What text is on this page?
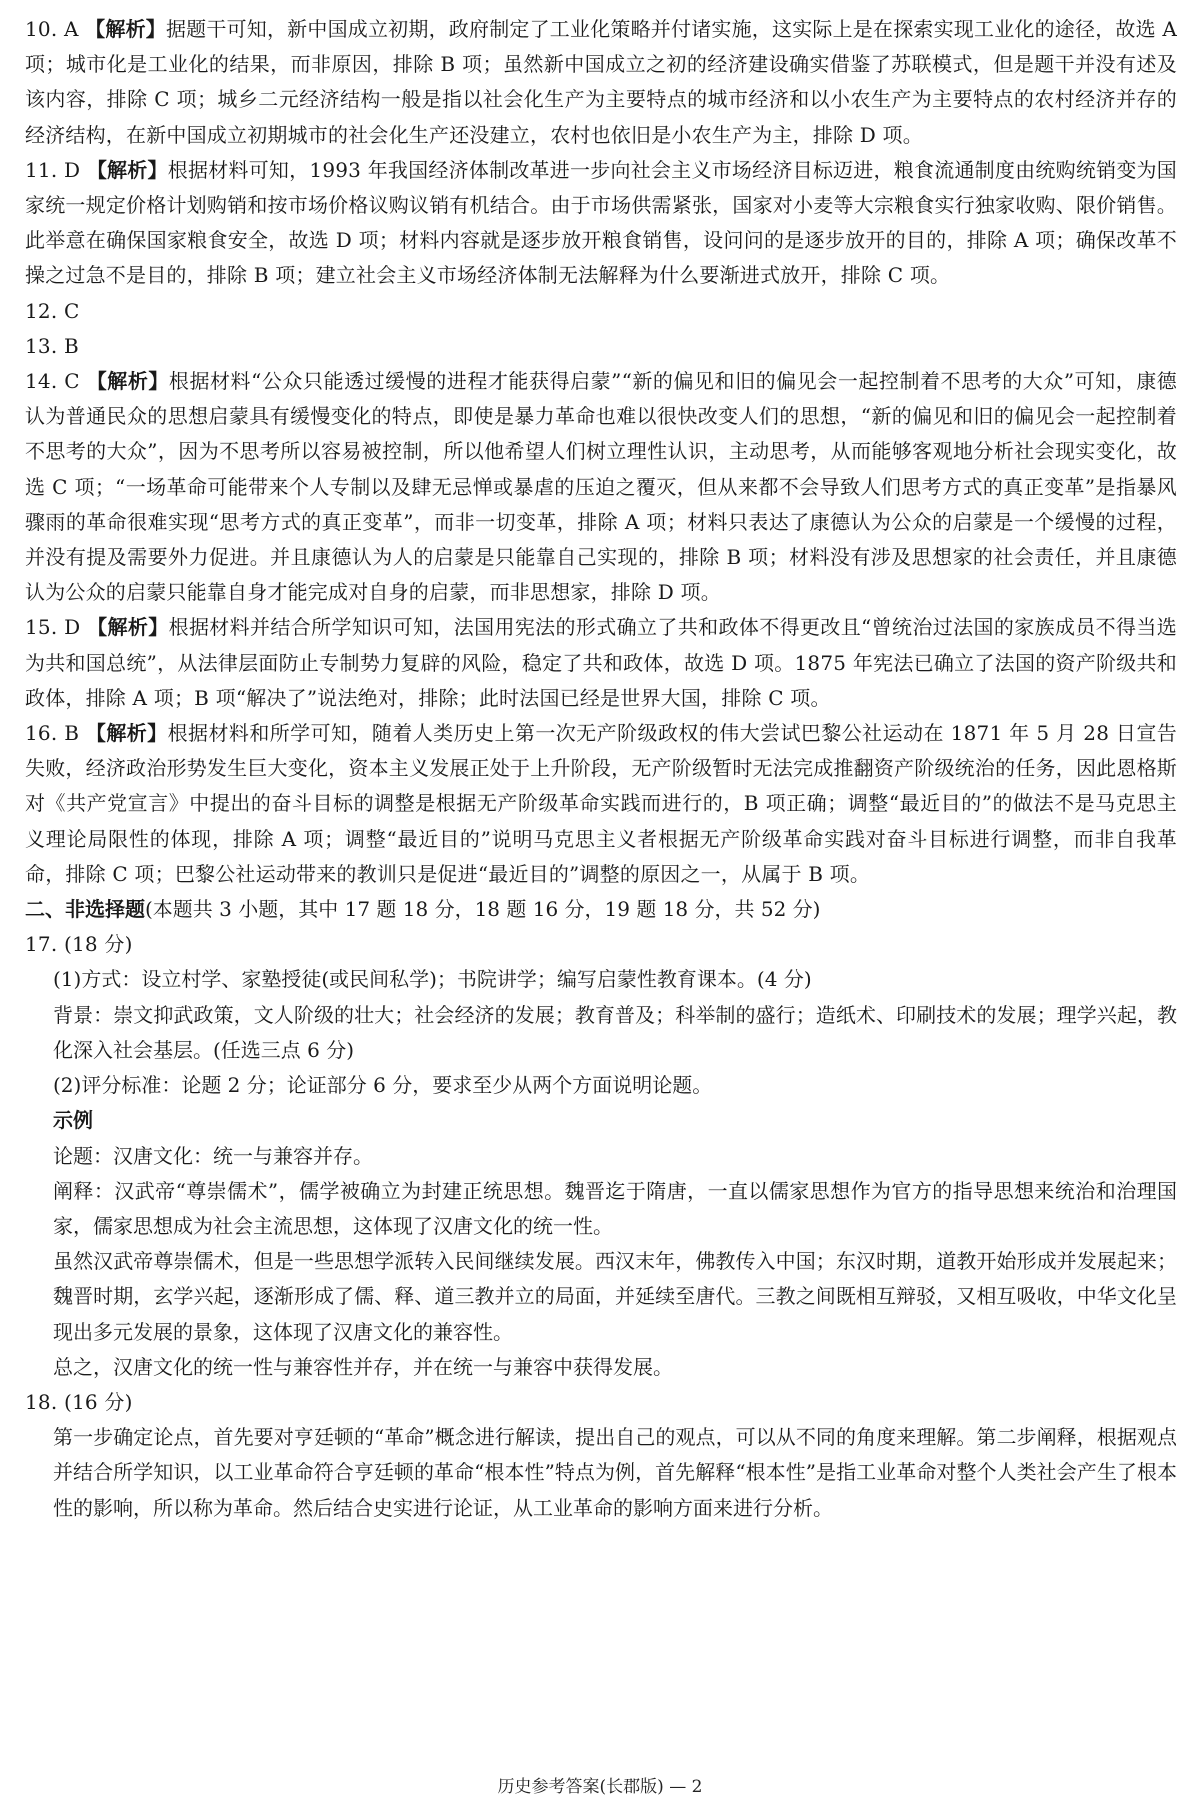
10. A 【解析】据题干可知，新中国成立初期，政府制定了工业化策略并付诸实施，这实际上是在探索实现工业化的途径，故选 A 项；城市化是工业化的结果，而非原因，排除 B 项；虽然新中国成立之初的经济建设确实借鉴了苏联模式，但是题干并没有述及该内容，排除 C 项；城乡二元经济结构一般是指以社会化生产为主要特点的城市经济和以小农生产为主要特点的农村经济并存的经济结构，在新中国成立初期城市的社会化生产还没建立，农村也依旧是小农生产为主，排除 D 项。
11. D 【解析】根据材料可知，1993 年我国经济体制改革进一步向社会主义市场经济目标迈进，粮食流通制度由统购统销变为国家统一规定价格计划购销和按市场价格议购议销有机结合。由于市场供需紧张，国家对小麦等大宗粮食实行独家收购、限价销售。此举意在确保国家粮食安全，故选 D 项；材料内容就是逐步放开粮食销售，设问问的是逐步放开的目的，排除 A 项；确保改革不操之过急不是目的，排除 B 项；建立社会主义市场经济体制无法解释为什么要渐进式放开，排除 C 项。
12. C
13. B
14. C 【解析】根据材料“公众只能透过缓慢的进程才能获得启蒙”“新的偏见和旧的偏见会一起控制着不思考的大众”可知，康德认为普通民众的思想启蒙具有缓慢变化的特点，即使是暴力革命也难以很快改变人们的思想，“新的偏见和旧的偏见会一起控制着不思考的大众”，因为不思考所以容易被控制，所以他希望人们树立理性认识，主动思考，从而能够客观地分析社会现实变化，故选 C 项；“一场革命可能带来个人专制以及肆无忌惮或暴虐的压迫之覆灭，但从来都不会导致人们思考方式的真正变革”是指暴风骤雨的革命很难实现“思考方式的真正变革”，而非一切变革，排除 A 项；材料只表达了康德认为公众的启蒙是一个缓慢的过程，并没有提及需要外力促进。并且康德认为人的启蒙是只能靠自己实现的，排除 B 项；材料没有涉及思想家的社会责任，并且康德认为公众的启蒙只能靠自身才能完成对自身的启蒙，而非思想家，排除 D 项。
15. D 【解析】根据材料并结合所学知识可知，法国用宪法的形式确立了共和政体不得更改且“曾统治过法国的家族成员不得当选为共和国总统”，从法律层面防止专制势力复辟的风险，稳定了共和政体，故选 D 项。1875 年宪法已确立了法国的资产阶级共和政体，排除 A 项；B 项“解决了”说法绝对，排除；此时法国已经是世界大国，排除 C 项。
16. B 【解析】根据材料和所学可知，随着人类历史上第一次无产阶级政权的伟大尝试巴黎公社运动在 1871 年 5 月 28 日宣告失败，经济政治形势发生巨大变化，资本主义发展正处于上升阶段，无产阶级暂时无法完成推翻资产阶级统治的任务，因此恩格斯对《共产党宣言》中提出的奋斗目标的调整是根据无产阶级革命实践而进行的，B 项正确；调整“最近目的”的做法不是马克思主义理论局限性的体现，排除 A 项；调整“最近目的”说明马克思主义者根据无产阶级革命实践对奋斗目标进行调整，而非自我革命，排除 C 项；巴黎公社运动带来的教训只是促进“最近目的”调整的原因之一，从属于 B 项。
二、非选择题(本题共 3 小题，其中 17 题 18 分，18 题 16 分，19 题 18 分，共 52 分)
17. (18 分)
(1)方式：设立村学、家塾授徒(或民间私学)；书院讲学；编写启蒙性教育课本。(4 分)
背景：崇文抑武政策，文人阶级的壮大；社会经济的发展；教育普及；科举制的盛行；造纸术、印刷技术的发展；理学兴起，教化深入社会基层。(任选三点 6 分)
(2)评分标准：论题 2 分；论证部分 6 分，要求至少从两个方面说明论题。
示例
论题：汉唐文化：统一与兼容并存。
阐释：汉武帝“尊崇儒术”，儒学被确立为封建正统思想。魏晋迄于隋唐，一直以儒家思想作为官方的指导思想来统治和治理国家，儒家思想成为社会主流思想，这体现了汉唐文化的统一性。
虽然汉武帝尊崇儒术，但是一些思想学派转入民间继续发展。西汉末年，佛教传入中国；东汉时期，道教开始形成并发展起来；魏晋时期，玄学兴起，逐渐形成了儒、释、道三教并立的局面，并延续至唐代。三教之间既相互辩驳，又相互吸收，中华文化呈现出多元发展的景象，这体现了汉唐文化的兼容性。
总之，汉唐文化的统一性与兼容性并存，并在统一与兼容中获得发展。
18. (16 分)
第一步确定论点，首先要对亨廷顿的“革命”概念进行解读，提出自己的观点，可以从不同的角度来理解。第二步阐释，根据观点并结合所学知识，以工业革命符合亨廷顿的革命“根本性”特点为例，首先解释“根本性”是指工业革命对整个人类社会产生了根本性的影响，所以称为革命。然后结合史实进行论证，从工业革命的影响方面来进行分析。
历史参考答案(长郡版) — 2
